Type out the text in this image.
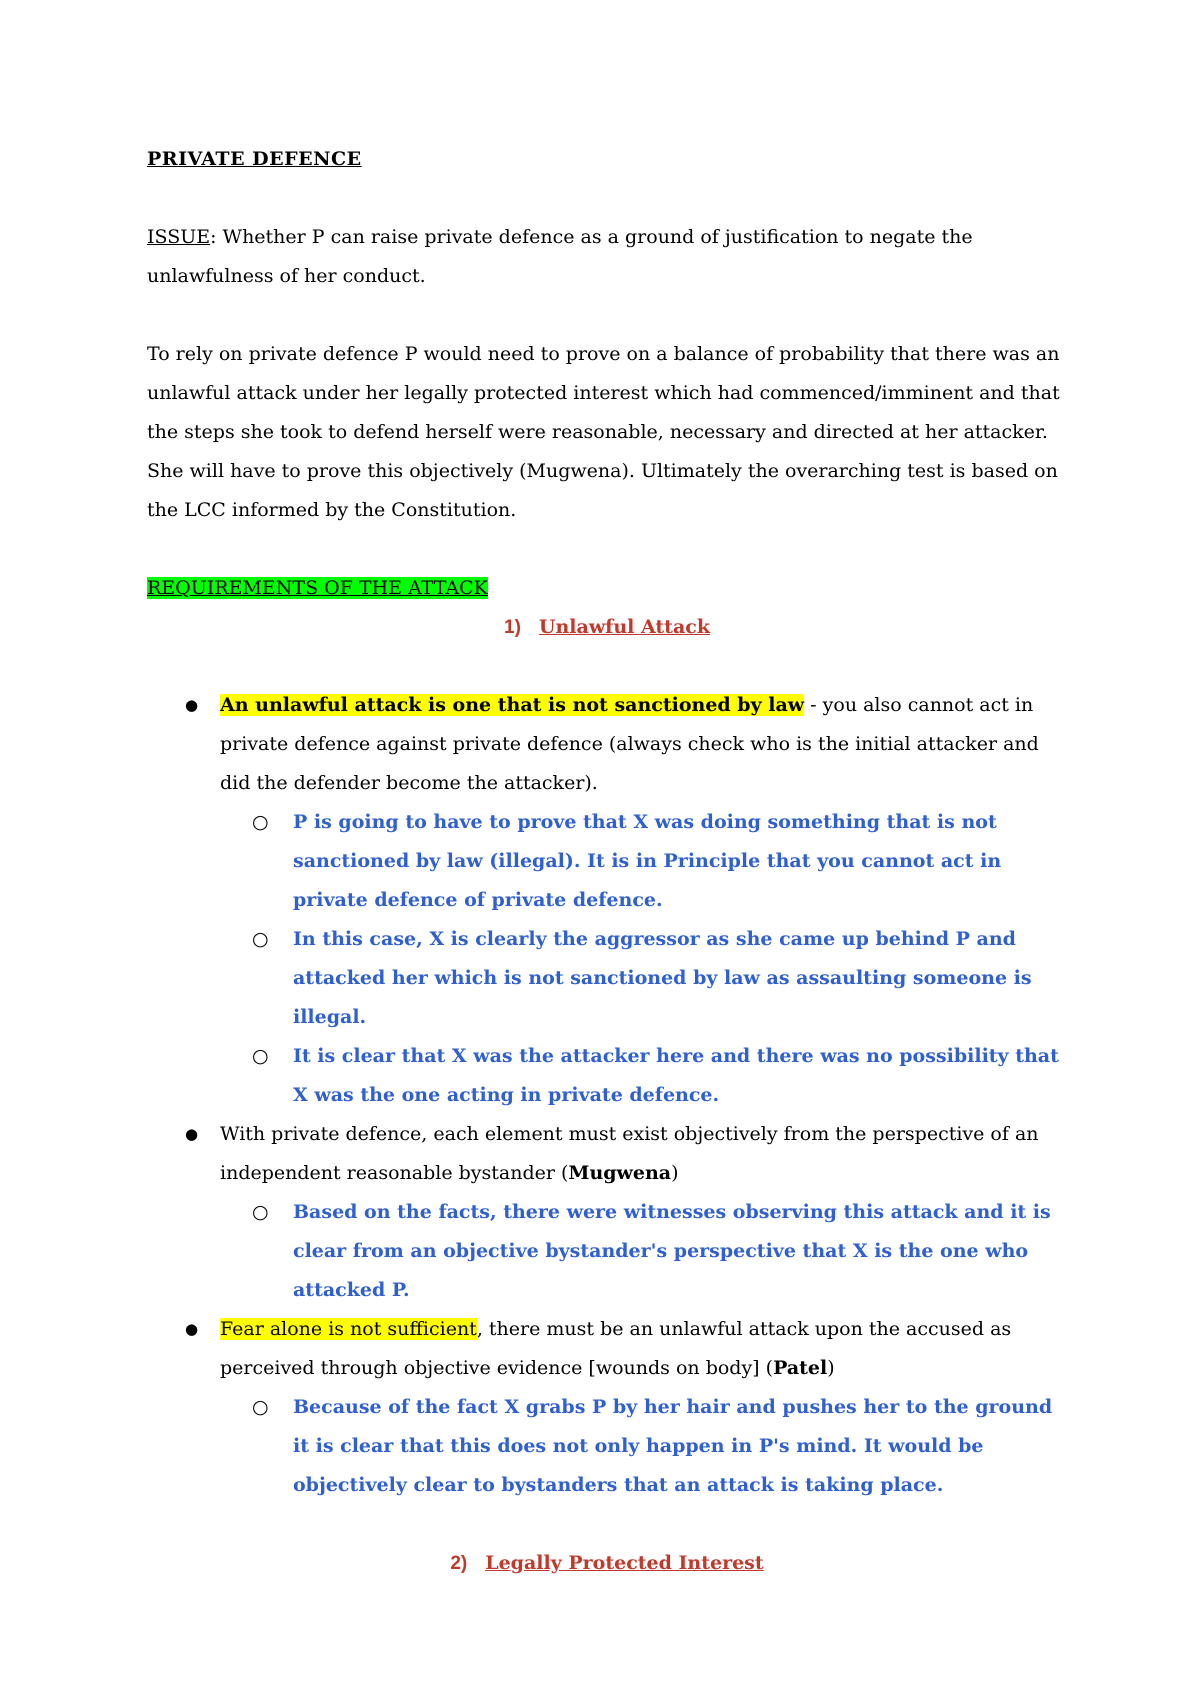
PRIVATE DEFENCE

ISSUE: Whether P can raise private defence as a ground of justification to negate the unlawfulness of her conduct.

To rely on private defence P would need to prove on a balance of probability that there was an unlawful attack under her legally protected interest which had commenced/imminent and that the steps she took to defend herself were reasonable, necessary and directed at her attacker. She will have to prove this objectively (Mugwena). Ultimately the overarching test is based on the LCC informed by the Constitution.

REQUIREMENTS OF THE ATTACK

1) Unlawful Attack

● An unlawful attack is one that is not sanctioned by law - you also cannot act in private defence against private defence (always check who is the initial attacker and did the defender become the attacker).
○ P is going to have to prove that X was doing something that is not sanctioned by law (illegal). It is in Principle that you cannot act in private defence of private defence.
○ In this case, X is clearly the aggressor as she came up behind P and attacked her which is not sanctioned by law as assaulting someone is illegal.
○ It is clear that X was the attacker here and there was no possibility that X was the one acting in private defence.
● With private defence, each element must exist objectively from the perspective of an independent reasonable bystander (Mugwena)
○ Based on the facts, there were witnesses observing this attack and it is clear from an objective bystander's perspective that X is the one who attacked P.
● Fear alone is not sufficient, there must be an unlawful attack upon the accused as perceived through objective evidence [wounds on body] (Patel)
○ Because of the fact X grabs P by her hair and pushes her to the ground it is clear that this does not only happen in P's mind. It would be objectively clear to bystanders that an attack is taking place.

2) Legally Protected Interest
